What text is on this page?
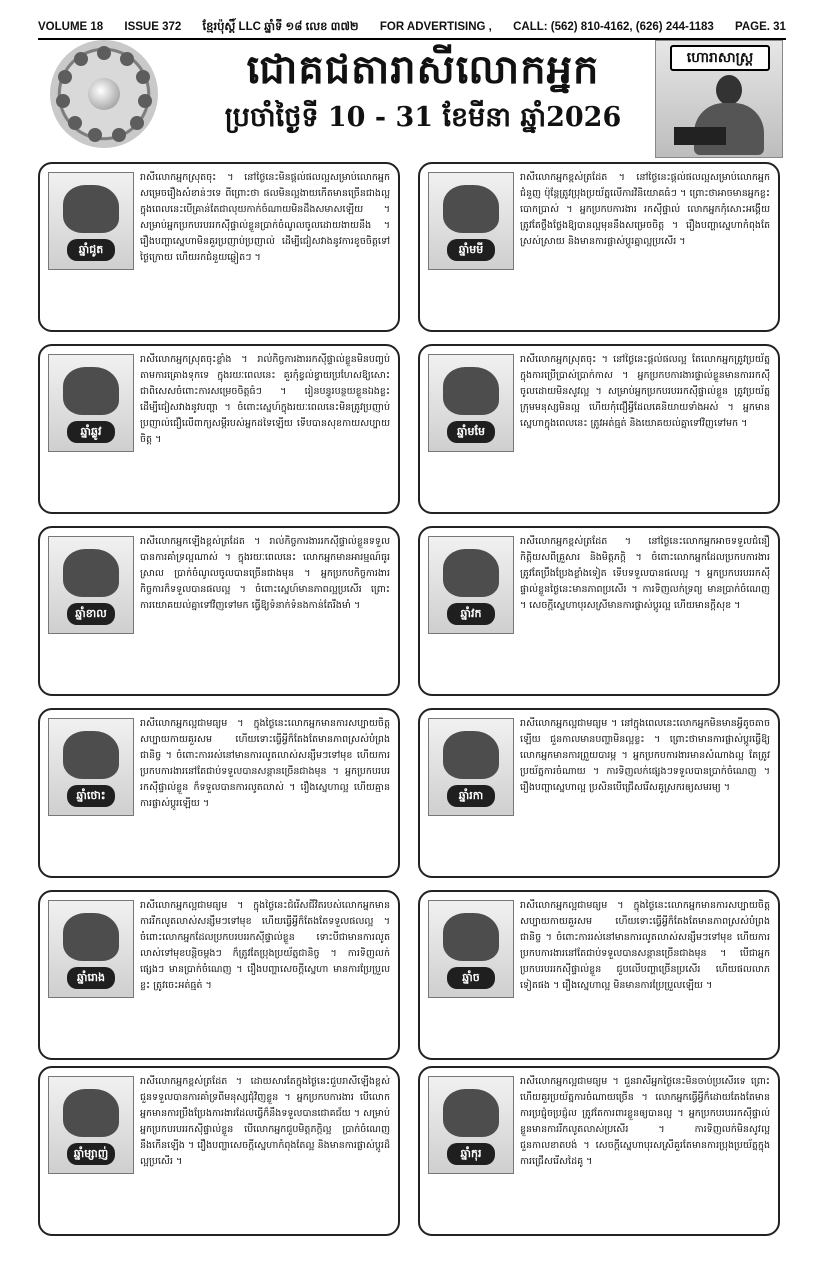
VOLUME 18 ISSUE 372 ខ្មែរប៉ុស្ដិ៍ LLC ឆ្នាំទី ១៨ លេខ ៣៧២ FOR ADVERTISING , CALL: (562) 810-4162, (626) 244-1183 PAGE. 31
ជោគជតារាសីលោកអ្នក
ប្រចាំថ្ងៃទី 10 - 31 ខែមីនា ឆ្នាំ2026
ហោរាសាស្ត្រ
ឆ្នាំជូត
រាសីលោកអ្នកស្រុតចុះ ។ នៅថ្ងៃនេះមិនផ្ដល់ផលល្អសម្រាប់លោកអ្នកសម្រេចរឿងសំខាន់ៗទេ ពីព្រោះថា ផលមិនល្អងាយកើតមានច្រើនជាងល្អ ក្នុងពេលនេះបើគ្រាន់តែជាលុយកាក់ចំណាយមិនដឹងសមាសឡើយ ។ សម្រាប់អ្នកប្រកបរបររកស៊ីផ្ទាល់ខ្លួនប្រាក់ចំណូលចូលដោយងាយនឹង ។ រឿងបញ្ហាស្នេហាមិនគួរប្រញាប់ប្រញាល់ ដើម្បីជៀសវាងនូវការខូចចិត្តទៅថ្ងៃក្រោយ ហើយរកជំនួយឆ្លៀតៗ ។
ឆ្នាំមមី
រាសីលោកអ្នកខ្ពស់ត្រដែត ។ នៅថ្ងៃនេះផ្ដល់ផលល្អសម្រាប់លោកអ្នកជំនួញ ប៉ុន្តែត្រូវប្រុងប្រយ័ត្នលើការវិនិយោគធំៗ ។ ព្រោះថាអាចមានអ្នកខ្លះបោកប្រាស់ ។ អ្នកប្រកបការងារ រកស៊ីផ្ទាល់ លោកអ្នកកុំសោះអង្គើយត្រូវតែថ្លឹងថ្លែងឱ្យបានល្អមុននឹងសម្រេចចិត្ត ។ រឿងបញ្ហាស្នេហាកំពុងតែស្រស់ស្រាយ និងមានការផ្លាស់ប្ដូរគ្នាល្អប្រសើរ ។
ឆ្នាំឆ្លូវ
រាសីលោកអ្នកស្រុតចុះខ្លាំង ។ រាល់កិច្ចការងាររកស៊ីផ្ទាល់ខ្លួនមិនបញ្ចប់តាមការគ្រោងទុកទេ ក្នុងរយៈពេលនេះ គួរកុំខ្វល់ខ្វាយប្រហែសឱ្យសោះ ជាពិសេសចំពោះការសម្រេចចិត្តធំៗ ។ រៀនបន្ធូរបន្ថយខ្លួនឯងខ្លះ ដើម្បីជៀសវាងនូវបញ្ហា ។ ចំពោះស្នេហ៍ក្នុងរយៈពេលនេះមិនត្រូវប្រញាប់ប្រញាល់ជឿលើពាក្យសម្ដីរបស់អ្នកដទៃឡើយ ទើបបានសុខកាយសប្បាយចិត្ត ។
ឆ្នាំមមែ
រាសីលោកអ្នកស្រុតចុះ ។ នៅថ្ងៃនេះផ្ដល់ផលល្អ តែលោកអ្នកត្រូវប្រយ័ត្នក្នុងការប្រើប្រាស់ប្រាក់កាស ។ អ្នកប្រកបការងារផ្ទាល់ខ្លួនមានការរកស៊ីចូលដោយមិនសូវល្អ ។ សម្រាប់អ្នកប្រកបរបររកស៊ីផ្ទាល់ខ្លួន ត្រូវប្រយ័ត្នក្រុមមនុស្សមិនល្អ ហើយកុំជឿអ្វីដែលគេនិយាយទាំងអស់ ។ អ្នកមានស្នេហាក្នុងពេលនេះ ត្រូវអត់ធ្មត់ និងយោគយល់គ្នាទៅវិញទៅមក ។
ឆ្នាំខាល
រាសីលោកអ្នកឡើងខ្ពស់ត្រដែត ។ រាល់កិច្ចការងាររកស៊ីផ្ទាល់ខ្លួនទទួលបានការគាំទ្រល្អណាស់ ។ ក្នុងរយៈពេលនេះ លោកអ្នកមានអារម្មណ៍ធូរស្រាល ប្រាក់ចំណូលចូលបានច្រើនជាងមុន ។ អ្នកប្រកបកិច្ចការងារកិច្ចការក៏ទទួលបានផលល្អ ។ ចំពោះស្នេហ៍មានភាពល្អប្រសើរ ព្រោះការយោគយល់គ្នាទៅវិញទៅមក ធ្វើឱ្យទំនាក់ទំនងកាន់តែរឹងមាំ ។
ឆ្នាំវក
រាសីលោកអ្នកខ្ពស់ត្រដែត ។ នៅថ្ងៃនេះលោកអ្នកអាចទទួលជំនឿកិត្តិយសពីគ្រួសារ និងមិត្តភក្តិ ។ ចំពោះលោកអ្នកដែលប្រកបការងារ ត្រូវតែប្រឹងប្រែងខ្លាំងទៀត ទើបទទួលបានផលល្អ ។ អ្នកប្រកបរបររកស៊ីផ្ទាល់ខ្លួនថ្ងៃនេះមានភាពប្រសើរ ។ ការទិញលក់ទ្រព្យ មានប្រាក់ចំណេញ ។ សេចក្ដីស្នេហាបុរសស្រីមានការផ្លាស់ប្ដូរល្អ ហើយមានក្ដីសុខ ។
ឆ្នាំថោះ
រាសីលោកអ្នកល្អជាមធ្យម ។ ក្នុងថ្ងៃនេះលោកអ្នកមានការសប្បាយចិត្ត សប្បាយកាយគួរសម ហើយទោះធ្វើអ្វីក៏តែងតែមានភាពស្រស់បំព្រងជានិច្ច ។ ចំពោះការរស់នៅមានការលូតលាស់សន្សឹមៗទៅមុខ ហើយការប្រកបការងារនៅតែជាប់ទទួលបានសន្តានច្រើនជាងមុន ។ អ្នកប្រកបរបររកស៊ីផ្ទាល់ខ្លួន ក៏ទទួលបានការលូតលាស់ ។ រឿងស្នេហាល្អ ហើយគ្មានការផ្លាស់ប្ដូរឡើយ ។
ឆ្នាំរកា
រាសីលោកអ្នកល្អជាមធ្យម ។ នៅក្នុងពេលនេះលោកអ្នកមិនមានអ្វីតូចតាចឡើយ ជួនកាលមានបញ្ហាមិនល្អខ្លះ ។ ព្រោះថាមានការផ្លាស់ប្ដូរធ្វើឱ្យលោកអ្នកមានការព្រួយបារម្ភ ។ អ្នកប្រកបការងារមានសំណាងល្អ តែត្រូវប្រយ័ត្នការចំណាយ ។ ការទិញលក់ផ្សេងៗទទួលបានប្រាក់ចំណេញ ។ រឿងបញ្ហាស្នេហាល្អ ប្រសិនបើជ្រើសរើសគូស្រករឲ្យសមរម្យ ។
ឆ្នាំរោង
រាសីលោកអ្នកល្អជាមធ្យម ។ ក្នុងថ្ងៃនេះជំរើសជីវិតរបស់លោកអ្នកមានការរីកលូតលាស់សន្សឹមៗទៅមុខ ហើយធ្វើអ្វីក៏តែងតែទទួលផលល្អ ។ ចំពោះលោកអ្នកដែលប្រកបរបររកស៊ីផ្ទាល់ខ្លួន ទោះបីជាមានការលូតលាស់ទៅមុខបន្តិចម្ដងៗ ក៏ត្រូវតែប្រុងប្រយ័ត្នជានិច្ច ។ ការទិញលក់ផ្សេងៗ មានប្រាក់ចំណេញ ។ រឿងបញ្ហាសេចក្ដីស្នេហា មានការប្រែប្រួលខ្លះ ត្រូវចេះអត់ធ្មត់ ។
ឆ្នាំច
រាសីលោកអ្នកល្អជាមធ្យម ។ ក្នុងថ្ងៃនេះលោកអ្នកមានការសប្បាយចិត្ត សប្បាយកាយគួរសម ហើយទោះធ្វើអ្វីក៏តែងតែមានភាពស្រស់បំព្រងជានិច្ច ។ ចំពោះការរស់នៅមានការលូតលាស់សន្សឹមៗទៅមុខ ហើយការប្រកបការងារនៅតែជាប់ទទួលបានសន្តានច្រើនជាងមុន ។ បើជាអ្នកប្រកបរបររកស៊ីផ្ទាល់ខ្លួន ជួបលើបញ្ហាច្រើនប្រសើរ ហើយផលលាភទៀតផង ។ រឿងស្នេហាល្អ មិនមានការប្រែប្រួលឡើយ ។
ឆ្នាំម្សាញ់
រាសីលោកអ្នកខ្ពស់ត្រដែត ។ ដោយសារតែក្នុងថ្ងៃនេះជួបរាសីឡើងខ្ពស់ ជួនទទួលបានការគាំទ្រពីមនុស្សជុំវិញខ្លួន ។ អ្នកប្រកបការងារ បើលោកអ្នកមានការប្រឹងប្រែងការងារដែលធ្វើក៏នឹងទទួលបានជោគជ័យ ។ សម្រាប់អ្នកប្រកបរបររកស៊ីផ្ទាល់ខ្លួន បើលោកអ្នកជួបមិត្តភក្តិល្អ ប្រាក់ចំណេញនឹងកើនឡើង ។ រឿងបញ្ហាសេចក្ដីស្នេហាកំពុងតែល្អ និងមានការផ្លាស់ប្ដូរដ៏ល្អប្រសើរ ។
ឆ្នាំកុរ
រាសីលោកអ្នកល្អជាមធ្យម ។ ជួនរាសីអ្នកថ្ងៃនេះមិនចាប់ប្រសើរទេ ព្រោះហើយគួរប្រយ័ត្នការចំណាយច្រើន ។ លោកអ្នកធ្វើអ្វីក៏ដោយតែងតែមានការប្រជ្ញ៉ុចប្រជ្ញ៉ល ត្រូវតែការពារខ្លួនឲ្យបានល្អ ។ អ្នកប្រកបរបររកស៊ីផ្ទាល់ខ្លួនមានការរីកលូតលាស់ប្រសើរ ។ ការទិញលក់មិនសូវល្អ ជួនកាលខាតបង់ ។ សេចក្ដីស្នេហាបុរសស្រីគួរតែមានការប្រុងប្រយ័ត្នក្នុងការជ្រើសរើសដៃគូ ។
